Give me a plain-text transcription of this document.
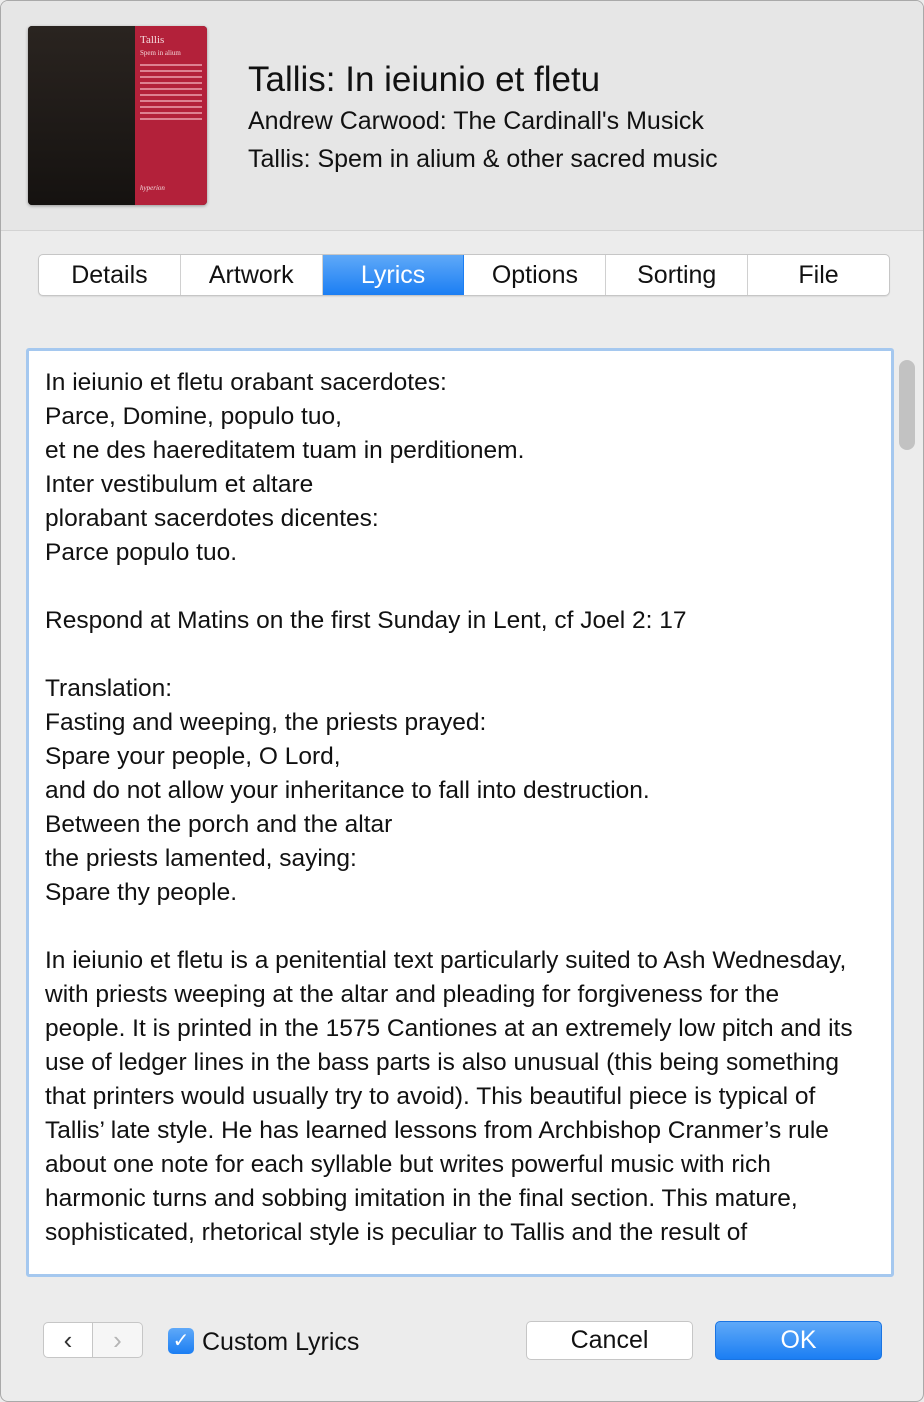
Tallis
Spem in alium
hyperion
Tallis: In ieiunio et fletu
Andrew Carwood: The Cardinall's Musick
Tallis: Spem in alium & other sacred music
Details	Artwork	Lyrics	Options	Sorting	File
In ieiunio et fletu orabant sacerdotes:
Parce, Domine, populo tuo,
et ne des haereditatem tuam in perditionem.
Inter vestibulum et altare
plorabant sacerdotes dicentes:
Parce populo tuo.

Respond at Matins on the first Sunday in Lent, cf Joel 2: 17

Translation:
Fasting and weeping, the priests prayed:
Spare your people, O Lord,
and do not allow your inheritance to fall into destruction.
Between the porch and the altar
the priests lamented, saying:
Spare thy people.

In ieiunio et fletu is a penitential text particularly suited to Ash Wednesday, with priests weeping at the altar and pleading for forgiveness for the people. It is printed in the 1575 Cantiones at an extremely low pitch and its use of ledger lines in the bass parts is also unusual (this being something that printers would usually try to avoid). This beautiful piece is typical of Tallis’ late style. He has learned lessons from Archbishop Cranmer’s rule about one note for each syllable but writes powerful music with rich harmonic turns and sobbing imitation in the final section. This mature, sophisticated, rhetorical style is peculiar to Tallis and the result of
‹	›	✓ Custom Lyrics	Cancel	OK
